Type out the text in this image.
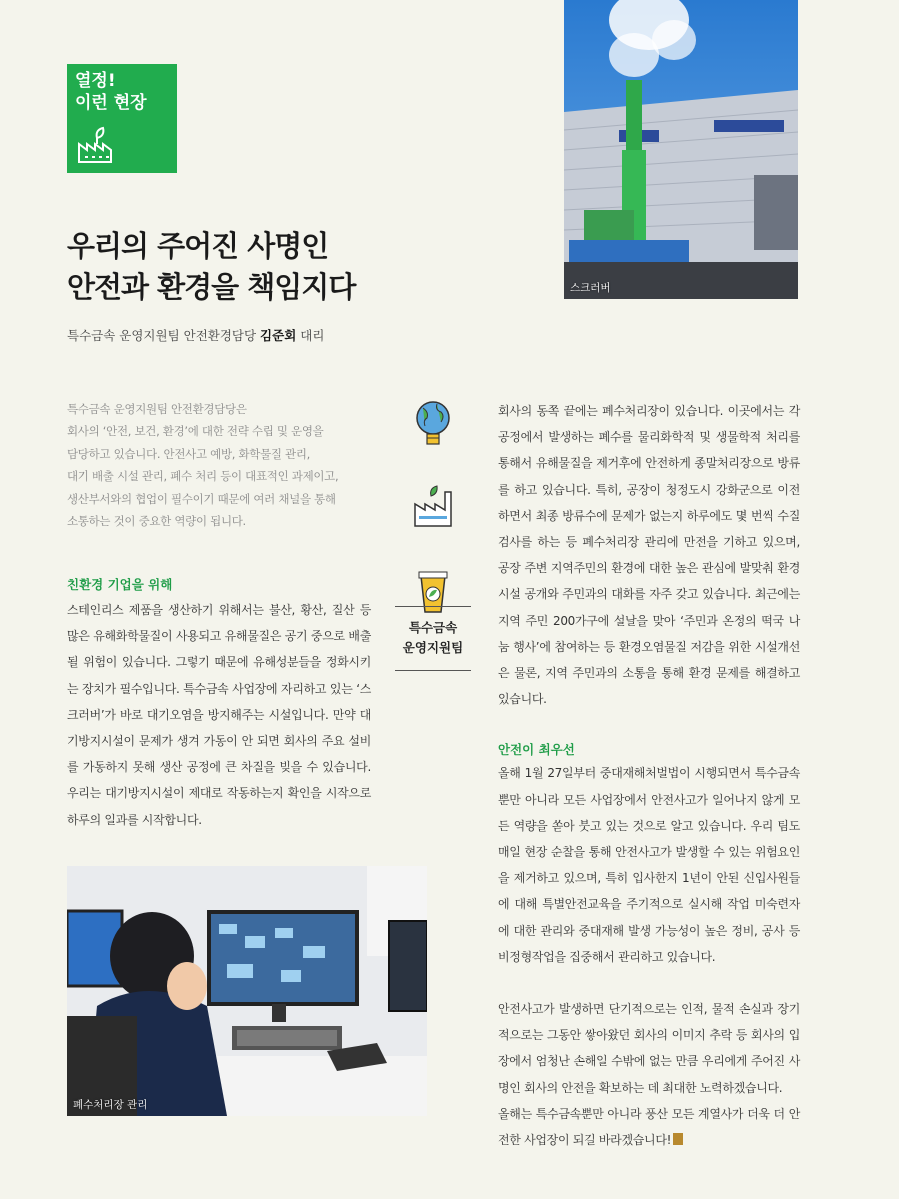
열정!
이런 현장
우리의 주어진 사명인
안전과 환경을 책임지다
특수금속 운영지원팀 안전환경담당 김준회 대리
스크러버
특수금속 운영지원팀 안전환경담당은
회사의 ‘안전, 보건, 환경’에 대한 전략 수립 및 운영을
담당하고 있습니다. 안전사고 예방, 화학물질 관리,
대기 배출 시설 관리, 폐수 처리 등이 대표적인 과제이고,
생산부서와의 협업이 필수이기 때문에 여러 채널을 통해
소통하는 것이 중요한 역량이 됩니다.
특수금속
운영지원팀

친환경 기업을 위해

스테인리스 제품을 생산하기 위해서는 불산, 황산, 질산 등 많은 유해화학물질이 사용되고 유해물질은 공기 중으로 배출 될 위험이 있습니다. 그렇기 때문에 유해성분들을 정화시키는 장치가 필수입니다. 특수금속 사업장에 자리하고 있는 ‘스크러버’가 바로 대기오염을 방지해주는 시설입니다. 만약 대기방지시설이 문제가 생겨 가동이 안 되면 회사의 주요 설비를 가동하지 못해 생산 공정에 큰 차질을 빚을 수 있습니다. 우리는 대기방지시설이 제대로 작동하는지 확인을 시작으로 하루의 일과를 시작합니다.

폐수처리장 관리

회사의 동쪽 끝에는 폐수처리장이 있습니다. 이곳에서는 각 공정에서 발생하는 폐수를 물리화학적 및 생물학적 처리를 통해서 유해물질을 제거후에 안전하게 종말처리장으로 방류를 하고 있습니다. 특히, 공장이 청정도시 강화군으로 이전하면서 최종 방류수에 문제가 없는지 하루에도 몇 번씩 수질검사를 하는 등 폐수처리장 관리에 만전을 기하고 있으며, 공장 주변 지역주민의 환경에 대한 높은 관심에 발맞춰 환경시설 공개와 주민과의 대화를 자주 갖고 있습니다. 최근에는 지역 주민 200가구에 설날을 맞아 ‘주민과 온정의 떡국 나눔 행사’에 참여하는 등 환경오염물질 저감을 위한 시설개선은 물론, 지역 주민과의 소통을 통해 환경 문제를 해결하고 있습니다.

안전이 최우선

올해 1월 27일부터 중대재해처벌법이 시행되면서 특수금속뿐만 아니라 모든 사업장에서 안전사고가 일어나지 않게 모든 역량을 쏟아 붓고 있는 것으로 알고 있습니다. 우리 팀도 매일 현장 순찰을 통해 안전사고가 발생할 수 있는 위험요인을 제거하고 있으며, 특히 입사한지 1년이 안된 신입사원들에 대해 특별안전교육을 주기적으로 실시해 작업 미숙련자에 대한 관리와 중대재해 발생 가능성이 높은 정비, 공사 등 비정형작업을 집중해서 관리하고 있습니다.

안전사고가 발생하면 단기적으로는 인적, 물적 손실과 장기적으로는 그동안 쌓아왔던 회사의 이미지 추락 등 회사의 입장에서 엄청난 손해일 수밖에 없는 만큼 우리에게 주어진 사명인 회사의 안전을 확보하는 데 최대한 노력하겠습니다.

올해는 특수금속뿐만 아니라 풍산 모든 계열사가 더욱 더 안전한 사업장이 되길 바라겠습니다!
